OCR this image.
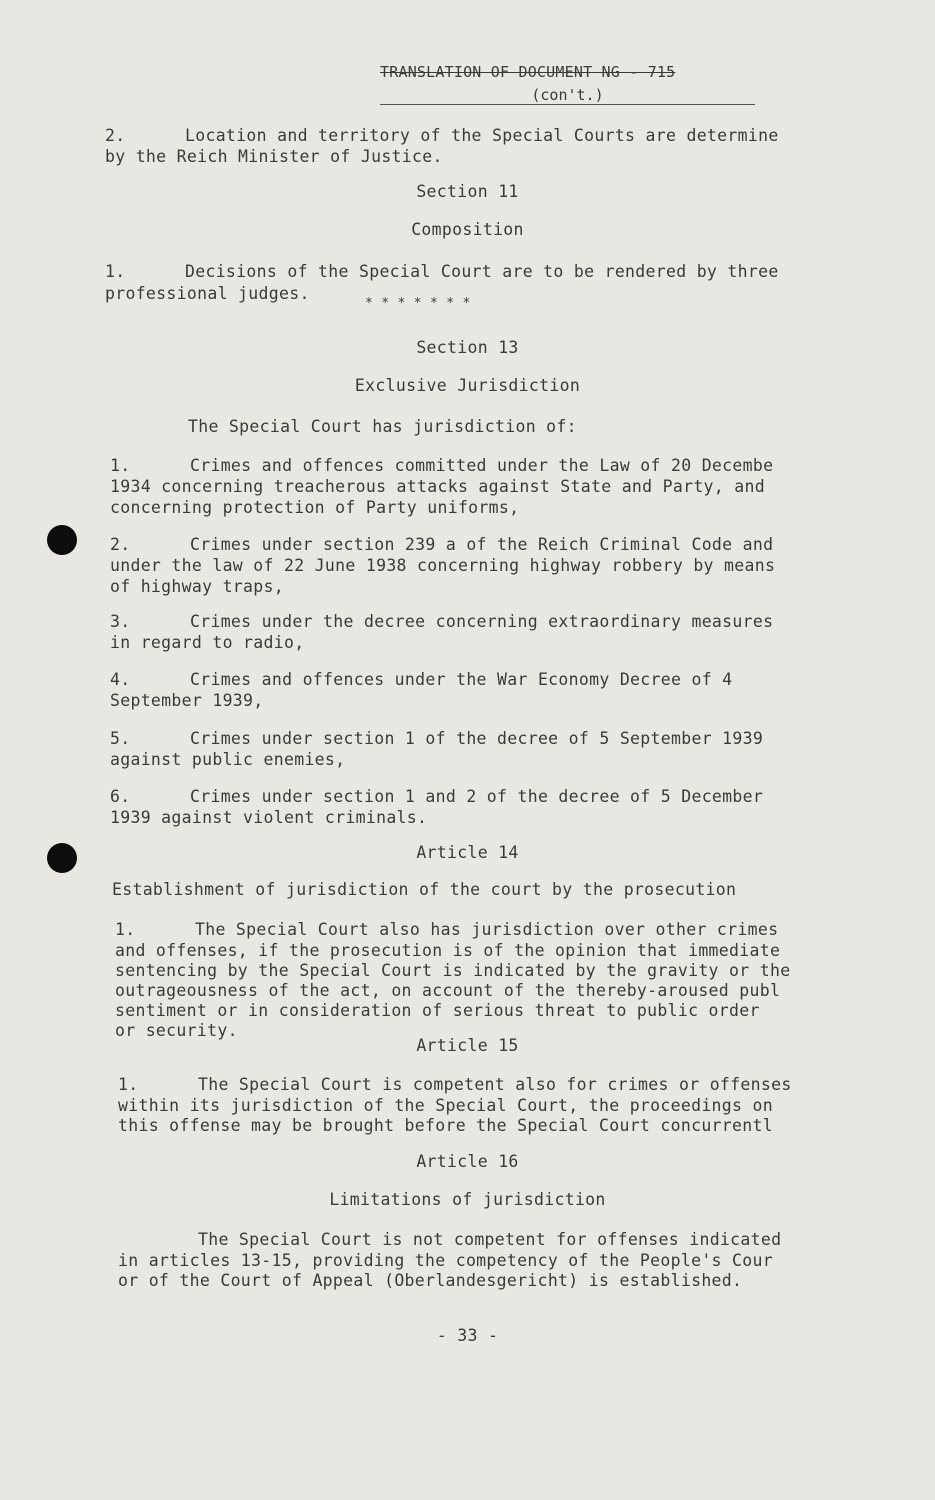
TRANSLATION OF DOCUMENT NG - 715
(con't.)
2.	Location and territory of the Special Courts are determine
by the Reich Minister of Justice.
Section 11
Composition
1.	Decisions of the Special Court are to be rendered by three
professional judges.
* * * * * * *
Section 13
Exclusive Jurisdiction
The Special Court has jurisdiction of:
1.	Crimes and offences committed under the Law of 20 Decembe
1934 concerning treacherous attacks against State and Party, and
concerning protection of Party uniforms,
2.	Crimes under section 239 a of the Reich Criminal Code and
under the law of 22 June 1938 concerning highway robbery by means
of highway traps,
3.	Crimes under the decree concerning extraordinary measures
in regard to radio,
4.	Crimes and offences under the War Economy Decree of 4
September 1939,
5.	Crimes under section 1 of the decree of 5 September 1939
against public enemies,
6.	Crimes under section 1 and 2 of the decree of 5 December
1939 against violent criminals.
Article 14
Establishment of jurisdiction of the court by the prosecution
1.	The Special Court also has jurisdiction over other crimes
and offenses, if the prosecution is of the opinion that immediate
sentencing by the Special Court is indicated by the gravity or the
outrageousness of the act, on account of the thereby-aroused publ
sentiment or in consideration of serious threat to public order
or security.
Article 15
1.	The Special Court is competent also for crimes or offenses
within its jurisdiction of the Special Court, the proceedings on
this offense may be brought before the Special Court concurrentl
Article 16
Limitations of jurisdiction
The Special Court is not competent for offenses indicated
in articles 13-15, providing the competency of the People's Cour
or of the Court of Appeal (Oberlandesgericht) is established.
- 33 -
